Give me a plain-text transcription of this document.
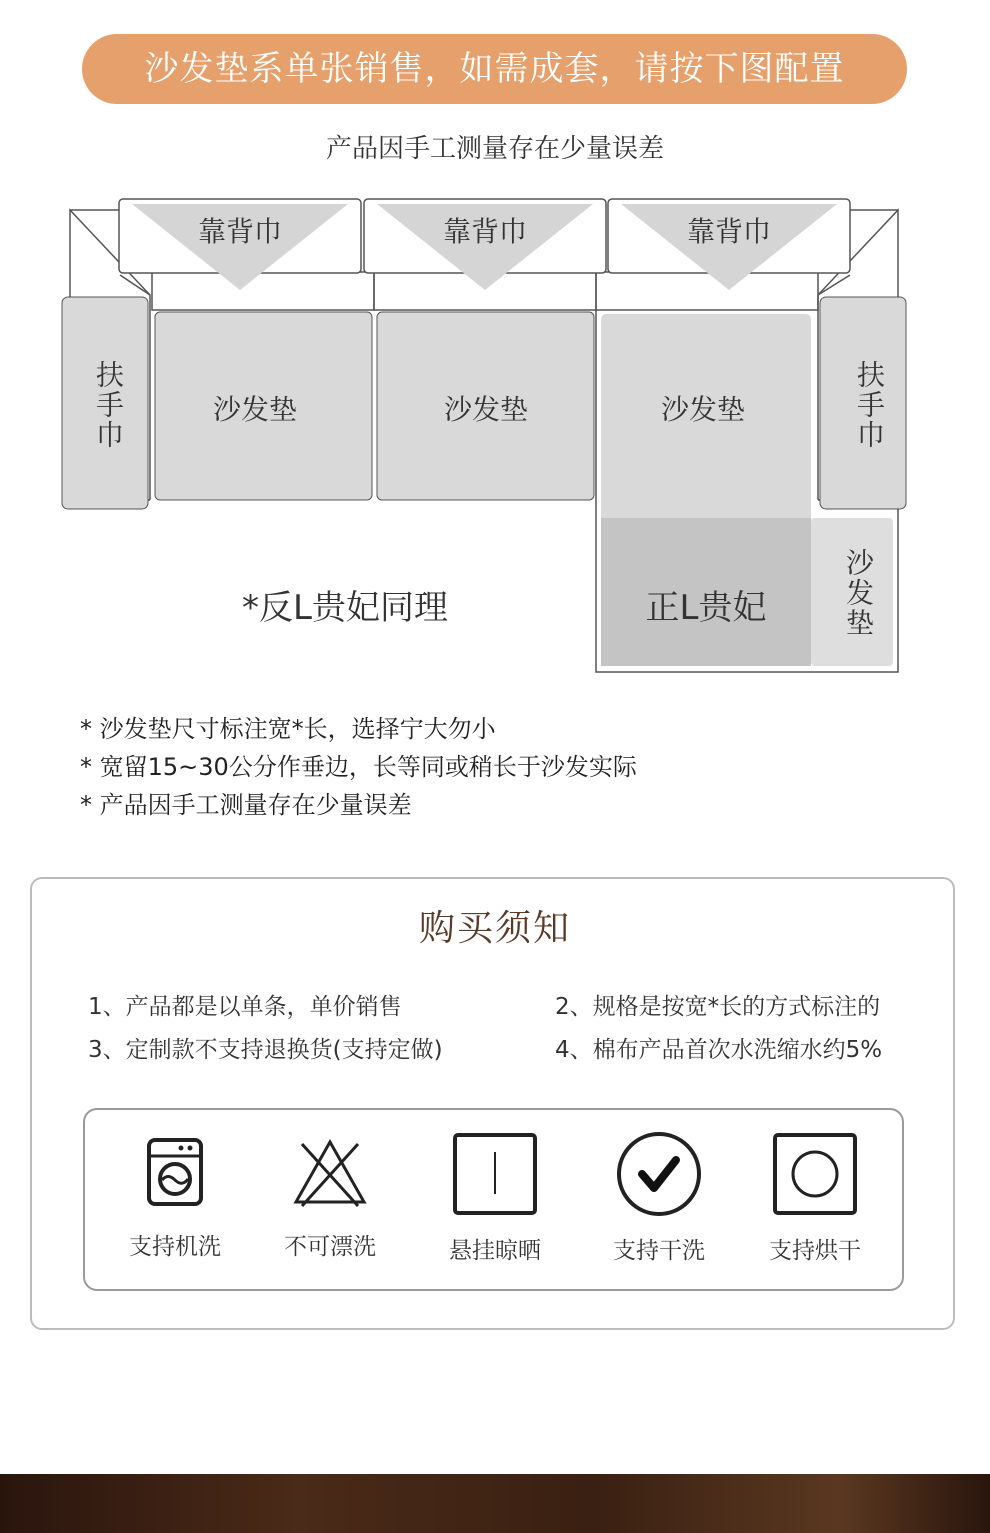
沙发垫系单张销售，如需成套，请按下图配置
产品因手工测量存在少量误差
靠背巾	靠背巾	靠背巾
沙发垫	沙发垫	沙发垫
扶手巾	扶手巾
正L贵妃	沙发垫
*反L贵妃同理
* 沙发垫尺寸标注宽*长，选择宁大勿小
* 宽留15~30公分作垂边，长等同或稍长于沙发实际
* 产品因手工测量存在少量误差
购买须知
1、产品都是以单条，单价销售	2、规格是按宽*长的方式标注的
3、定制款不支持退换货(支持定做)	4、棉布产品首次水洗缩水约5%
支持机洗	不可漂洗	悬挂晾晒	支持干洗	支持烘干
